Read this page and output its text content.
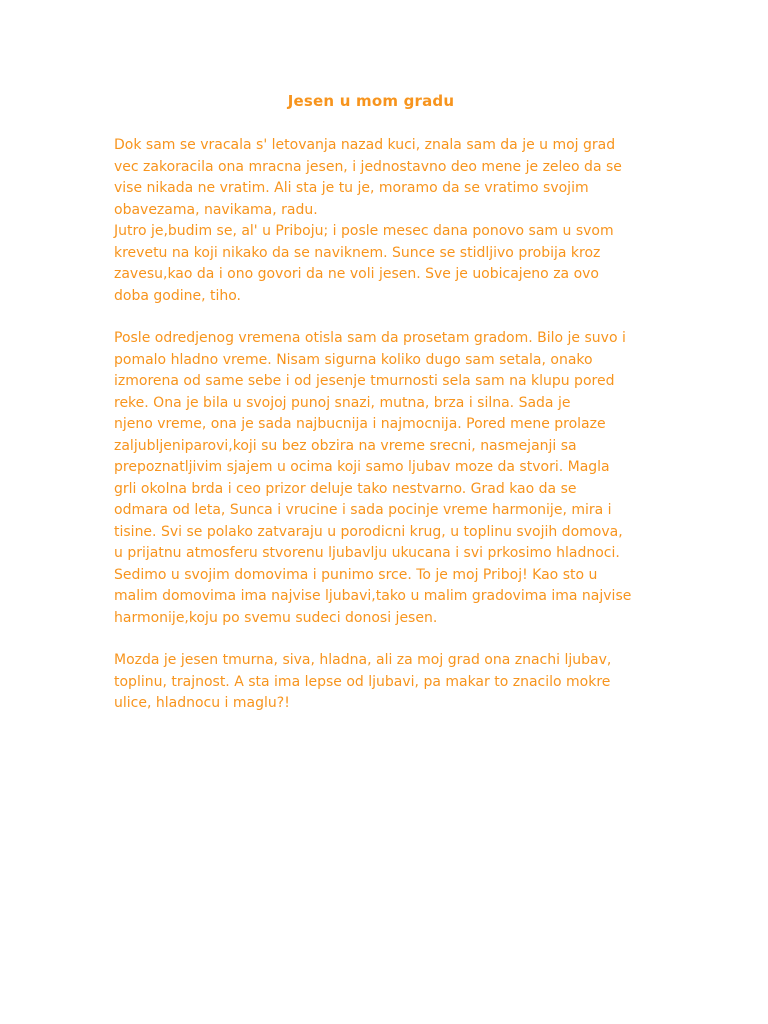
Jesen u mom gradu

Dok sam se vracala s' letovanja nazad kuci, znala sam da je u moj grad
vec zakoracila ona mracna jesen, i jednostavno deo mene je zeleo da se
vise nikada ne vratim. Ali sta je tu je, moramo da se vratimo svojim
obavezama, navikama, radu.
Jutro je,budim se, al' u Priboju; i posle mesec dana ponovo sam u svom
krevetu na koji nikako da se naviknem. Sunce se stidljivo probija kroz
zavesu,kao da i ono govori da ne voli jesen. Sve je uobicajeno za ovo
doba godine, tiho.

Posle odredjenog vremena otisla sam da prosetam gradom. Bilo je suvo i
pomalo hladno vreme. Nisam sigurna koliko dugo sam setala, onako
izmorena od same sebe i od jesenje tmurnosti sela sam na klupu pored
reke. Ona je bila u svojoj punoj snazi, mutna, brza i silna. Sada je
njeno vreme, ona je sada najbucnija i najmocnija. Pored mene prolaze
zaljubljeniparovi,koji su bez obzira na vreme srecni, nasmejanji sa
prepoznatljivim sjajem u ocima koji samo ljubav moze da stvori. Magla
grli okolna brda i ceo prizor deluje tako nestvarno. Grad kao da se
odmara od leta, Sunca i vrucine i sada pocinje vreme harmonije, mira i
tisine. Svi se polako zatvaraju u porodicni krug, u toplinu svojih domova,
u prijatnu atmosferu stvorenu ljubavlju ukucana i svi prkosimo hladnoci.
Sedimo u svojim domovima i punimo srce. To je moj Priboj! Kao sto u
malim domovima ima najvise ljubavi,tako u malim gradovima ima najvise
harmonije,koju po svemu sudeci donosi jesen.

Mozda je jesen tmurna, siva, hladna, ali za moj grad ona znachi ljubav,
toplinu, trajnost. A sta ima lepse od ljubavi, pa makar to znacilo mokre
ulice, hladnocu i maglu?!
